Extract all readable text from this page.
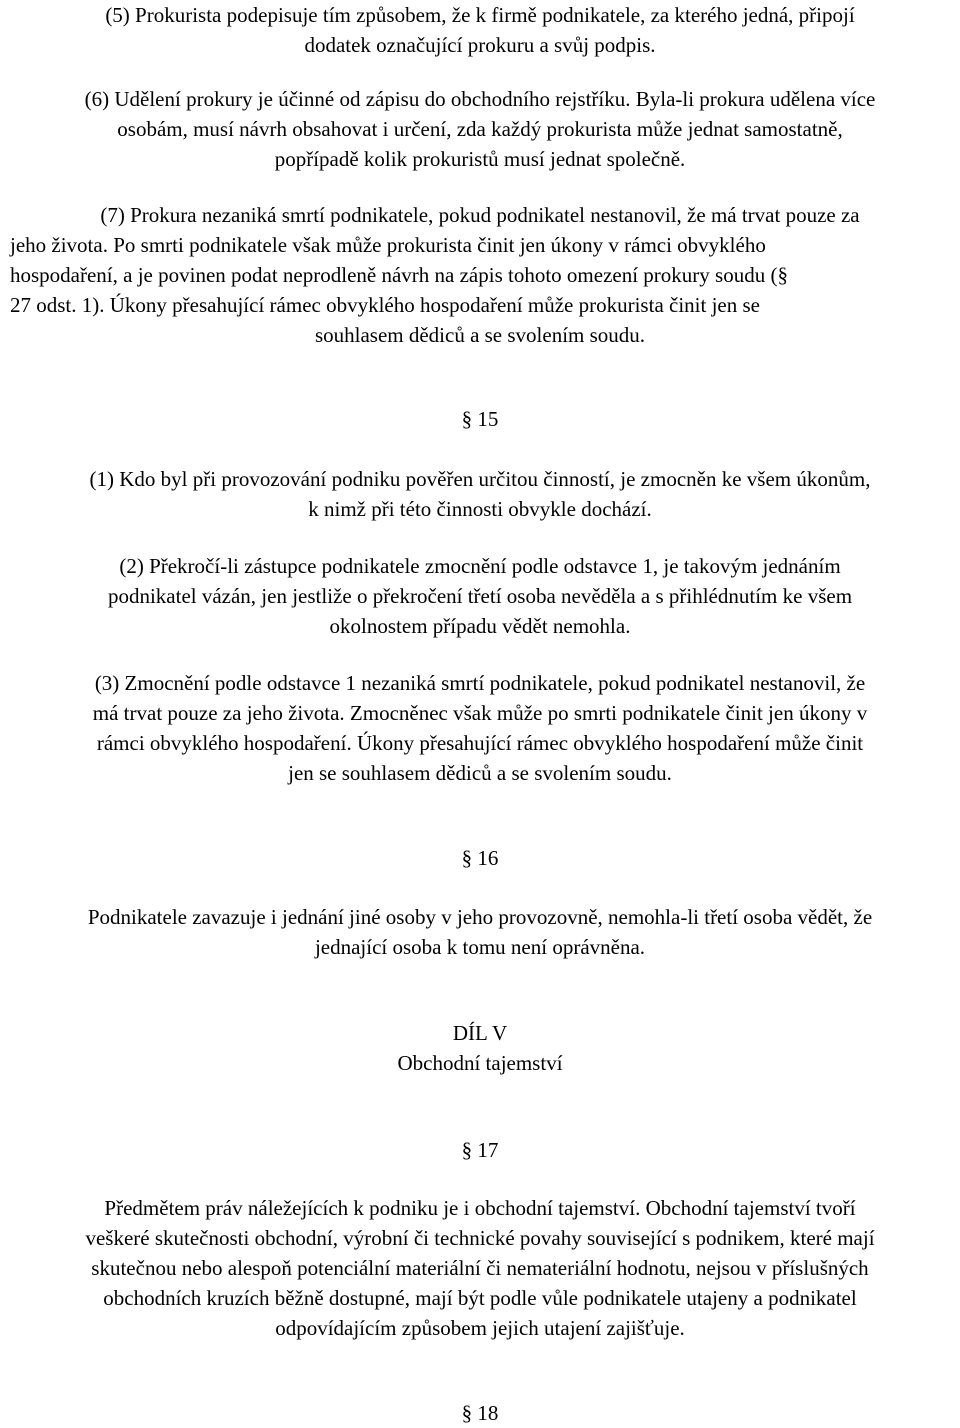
(5) Prokurista podepisuje tím způsobem, že k firmě podnikatele, za kterého jedná, připojí
dodatek označující prokuru a svůj podpis.
(6) Udělení prokury je účinné od zápisu do obchodního rejstříku. Byla-li prokura udělena více
osobám, musí návrh obsahovat i určení, zda každý prokurista může jednat samostatně,
popřípadě kolik prokuristů musí jednat společně.
(7) Prokura nezaniká smrtí podnikatele, pokud podnikatel nestanovil, že má trvat pouze za
jeho života. Po smrti podnikatele však může prokurista činit jen úkony v rámci obvyklého
hospodaření, a je povinen podat neprodleně návrh na zápis tohoto omezení prokury soudu (§
27 odst. 1). Úkony přesahující rámec obvyklého hospodaření může prokurista činit jen se
souhlasem dědiců a se svolením soudu.
§ 15
(1) Kdo byl při provozování podniku pověřen určitou činností, je zmocněn ke všem úkonům,
k nimž při této činnosti obvykle dochází.
(2) Překročí-li zástupce podnikatele zmocnění podle odstavce 1, je takovým jednáním
podnikatel vázán, jen jestliže o překročení třetí osoba nevěděla a s přihlédnutím ke všem
okolnostem případu vědět nemohla.
(3) Zmocnění podle odstavce 1 nezaniká smrtí podnikatele, pokud podnikatel nestanovil, že
má trvat pouze za jeho života. Zmocněnec však může po smrti podnikatele činit jen úkony v
rámci obvyklého hospodaření. Úkony přesahující rámec obvyklého hospodaření může činit
jen se souhlasem dědiců a se svolením soudu.
§ 16
Podnikatele zavazuje i jednání jiné osoby v jeho provozovně, nemohla-li třetí osoba vědět, že
jednající osoba k tomu není oprávněna.
DÍL V
Obchodní tajemství
§ 17
Předmětem práv náležejících k podniku je i obchodní tajemství. Obchodní tajemství tvoří
veškeré skutečnosti obchodní, výrobní či technické povahy související s podnikem, které mají
skutečnou nebo alespoň potenciální materiální či nemateriální hodnotu, nejsou v příslušných
obchodních kruzích běžně dostupné, mají být podle vůle podnikatele utajeny a podnikatel
odpovídajícím způsobem jejich utajení zajišťuje.
§ 18
